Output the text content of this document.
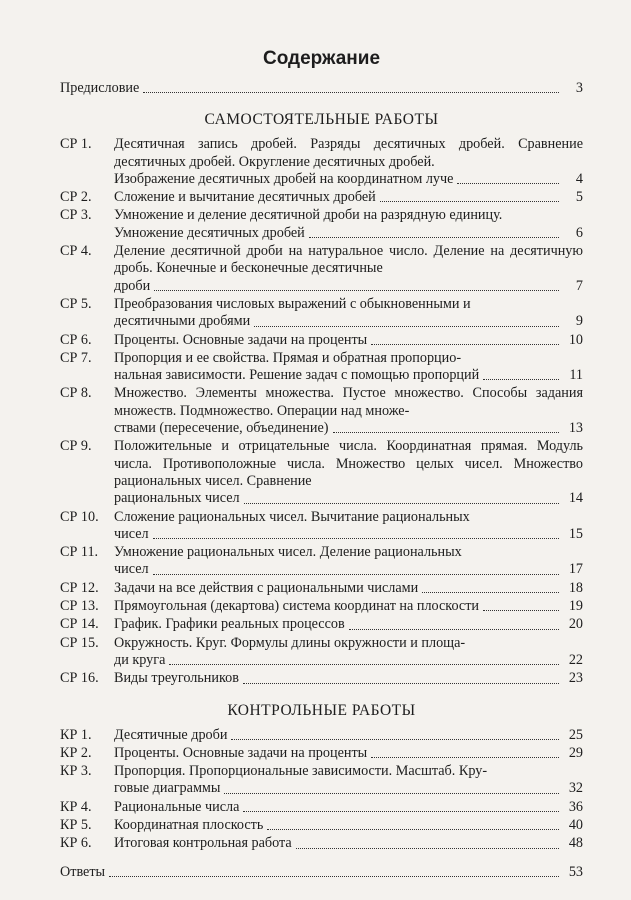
Содержание
Предисловие	3
САМОСТОЯТЕЛЬНЫЕ РАБОТЫ
СР 1.	Десятичная запись дробей. Разряды десятичных дробей. Сравнение десятичных дробей. Округление десятичных дробей.
Изображение десятичных дробей на координатном луче	4
СР 2.	Сложение и вычитание десятичных дробей	5
СР 3.	Умножение и деление десятичной дроби на разрядную единицу.
Умножение десятичных дробей	6
СР 4.	Деление десятичной дроби на натуральное число. Деление на десятичную дробь. Конечные и бесконечные десятичные
дроби	7
СР 5.	Преобразования числовых выражений с обыкновенными и
десятичными дробями	9
СР 6.	Проценты. Основные задачи на проценты	10
СР 7.	Пропорция и ее свойства. Прямая и обратная пропорцио-
нальная зависимости. Решение задач с помощью пропорций	11
СР 8.	Множество. Элементы множества. Пустое множество. Способы задания множеств. Подмножество. Операции над множе-
ствами (пересечение, объединение)	13
СР 9.	Положительные и отрицательные числа. Координатная прямая. Модуль числа. Противоположные числа. Множество целых чисел. Множество рациональных чисел. Сравнение
рациональных чисел	14
СР 10.	Сложение рациональных чисел. Вычитание рациональных
чисел	15
СР 11.	Умножение рациональных чисел. Деление рациональных
чисел	17
СР 12.	Задачи на все действия с рациональными числами	18
СР 13.	Прямоугольная (декартова) система координат на плоскости	19
СР 14.	График. Графики реальных процессов	20
СР 15.	Окружность. Круг. Формулы длины окружности и площа-
ди круга	22
СР 16.	Виды треугольников	23
КОНТРОЛЬНЫЕ РАБОТЫ
КР 1.	Десятичные дроби	25
КР 2.	Проценты. Основные задачи на проценты	29
КР 3.	Пропорция. Пропорциональные зависимости. Масштаб. Кру-
говые диаграммы	32
КР 4.	Рациональные числа	36
КР 5.	Координатная плоскость	40
КР 6.	Итоговая контрольная работа	48
Ответы	53
